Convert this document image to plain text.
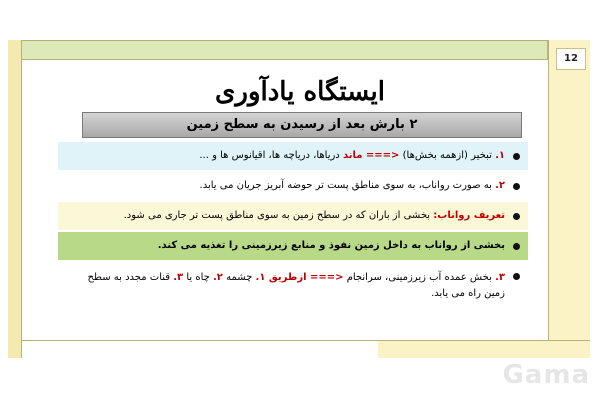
12
ایستگاه یادآوری
۲ بارش بعد از رسیدن به سطح زمین
۱. تبخیر (ازهمه بخش‌ها) <=== ماند دریاها، دریاچه ها، اقیانوس ها و ...
۲. به صورت رواناب، به سوی مناطق پست تر حوضه آبریز جریان می یابد.
تعریف رواناب: بخشی از باران که در سطح زمین به سوی مناطق پست تر جاری می شود.
بخشی از رواناب به داخل زمین نفوذ و منابع زیرزمینی را تغذیه می کند.
۳. بخش عمده آب زیرزمینی، سرانجام <=== ازطریق ۱. چشمه ۲. چاه یا ۳. قنات مجدد به سطح زمین راه می یابد.
Gama
